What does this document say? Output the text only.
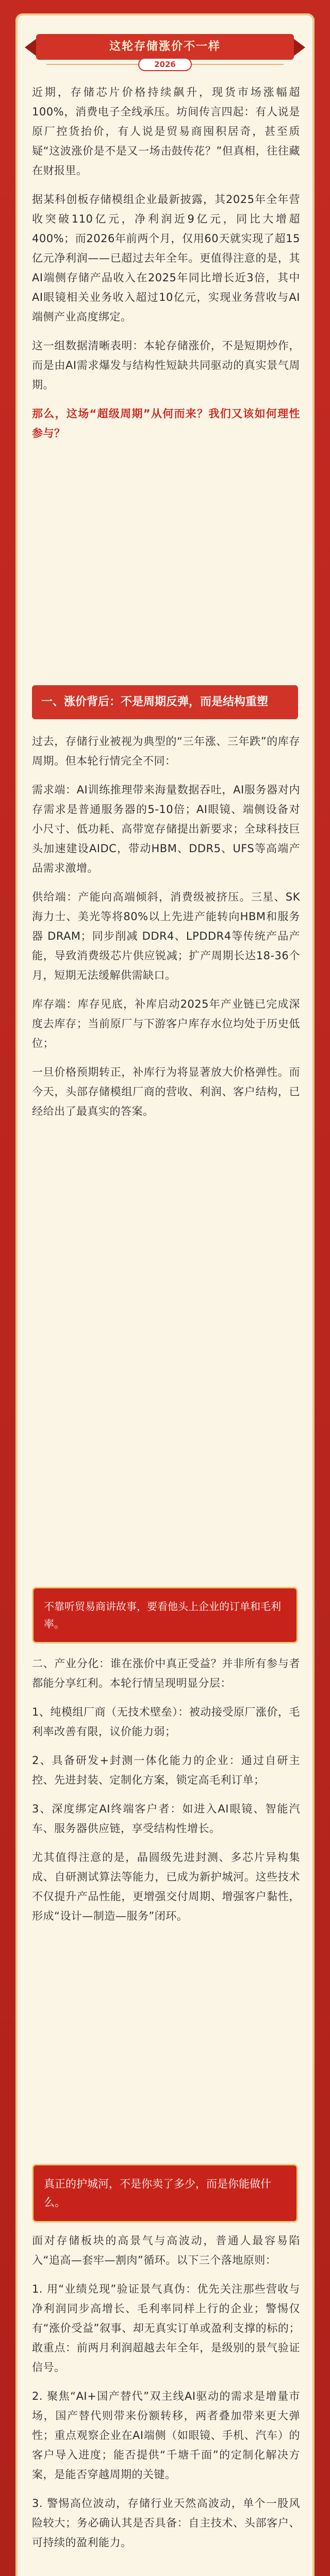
这轮存储涨价不一样
2026

近期，存储芯片价格持续飙升，现货市场涨幅超100%，消费电子全线承压。坊间传言四起：有人说是原厂控货抬价，有人说是贸易商囤积居奇，甚至质疑“这波涨价是不是又一场击鼓传花？”但真相，往往藏在财报里。

据某科创板存储模组企业最新披露，其2025年全年营收突破110亿元，净利润近9亿元，同比大增超400%；而2026年前两个月，仅用60天就实现了超15亿元净利润——已超过去年全年。更值得注意的是，其AI端侧存储产品收入在2025年同比增长近3倍，其中AI眼镜相关业务收入超过10亿元，实现业务营收与AI端侧产业高度绑定。

这一组数据清晰表明：本轮存储涨价，不是短期炒作，而是由AI需求爆发与结构性短缺共同驱动的真实景气周期。

那么，这场“超级周期”从何而来？我们又该如何理性参与？

一、涨价背后：不是周期反弹，而是结构重塑

过去，存储行业被视为典型的“三年涨、三年跌”的库存周期。但本轮行情完全不同：

需求端：AI训练推理带来海量数据吞吐，AI服务器对内存需求是普通服务器的5-10倍；AI眼镜、端侧设备对小尺寸、低功耗、高带宽存储提出新要求；全球科技巨头加速建设AIDC，带动HBM、DDR5、UFS等高端产品需求激增。

供给端：产能向高端倾斜，消费级被挤压。三星、SK海力士、美光等将80%以上先进产能转向HBM和服务器 DRAM；同步削减 DDR4、LPDDR4等传统产品产能，导致消费级芯片供应锐减；扩产周期长达18-36个月，短期无法缓解供需缺口。

库存端：库存见底，补库启动2025年产业链已完成深度去库存；当前原厂与下游客户库存水位均处于历史低位；

一旦价格预期转正，补库行为将显著放大价格弹性。而今天，头部存储模组厂商的营收、利润、客户结构，已经给出了最真实的答案。

不靠听贸易商讲故事，要看他头上企业的订单和毛利率。

二、产业分化：谁在涨价中真正受益？并非所有参与者都能分享红利。本轮行情呈现明显分层：

1、纯模组厂商（无技术壁垒）：被动接受原厂涨价，毛利率改善有限，议价能力弱；

2、具备研发+封测一体化能力的企业：通过自研主控、先进封装、定制化方案，锁定高毛利订单；

3、深度绑定AI终端客户者：如进入AI眼镜、智能汽车、服务器供应链，享受结构性增长。

尤其值得注意的是，晶圆级先进封测、多芯片异构集成、自研测试算法等能力，已成为新护城河。这些技术不仅提升产品性能，更增强交付周期、增强客户黏性，形成“设计—制造—服务”闭环。

真正的护城河，不是你卖了多少，而是你能做什么。

面对存储板块的高景气与高波动，普通人最容易陷入“追高—套牢—割肉”循环。以下三个落地原则：

1. 用“业绩兑现”验证景气真伪：优先关注那些营收与净利润同步高增长、毛利率同样上行的企业；警惕仅有“涨价受益”叙事、却无真实订单或盈利支撑的标的；敢重点：前两月利润超越去年全年，是级别的景气验证信号。

2. 聚焦“AI+国产替代”双主线AI驱动的需求是增量市场，国产替代则带来份额转移，两者叠加带来更大弹性；重点观察企业在AI端侧（如眼镜、手机、汽车）的客户导入进度；能否提供“千塘千面”的定制化解决方案，是能否穿越周期的关键。

3. 警惕高位波动，存储行业天然高波动，单个一股风险较大；务必确认其是否具备：自主技术、头部客户、可持续的盈利能力。
